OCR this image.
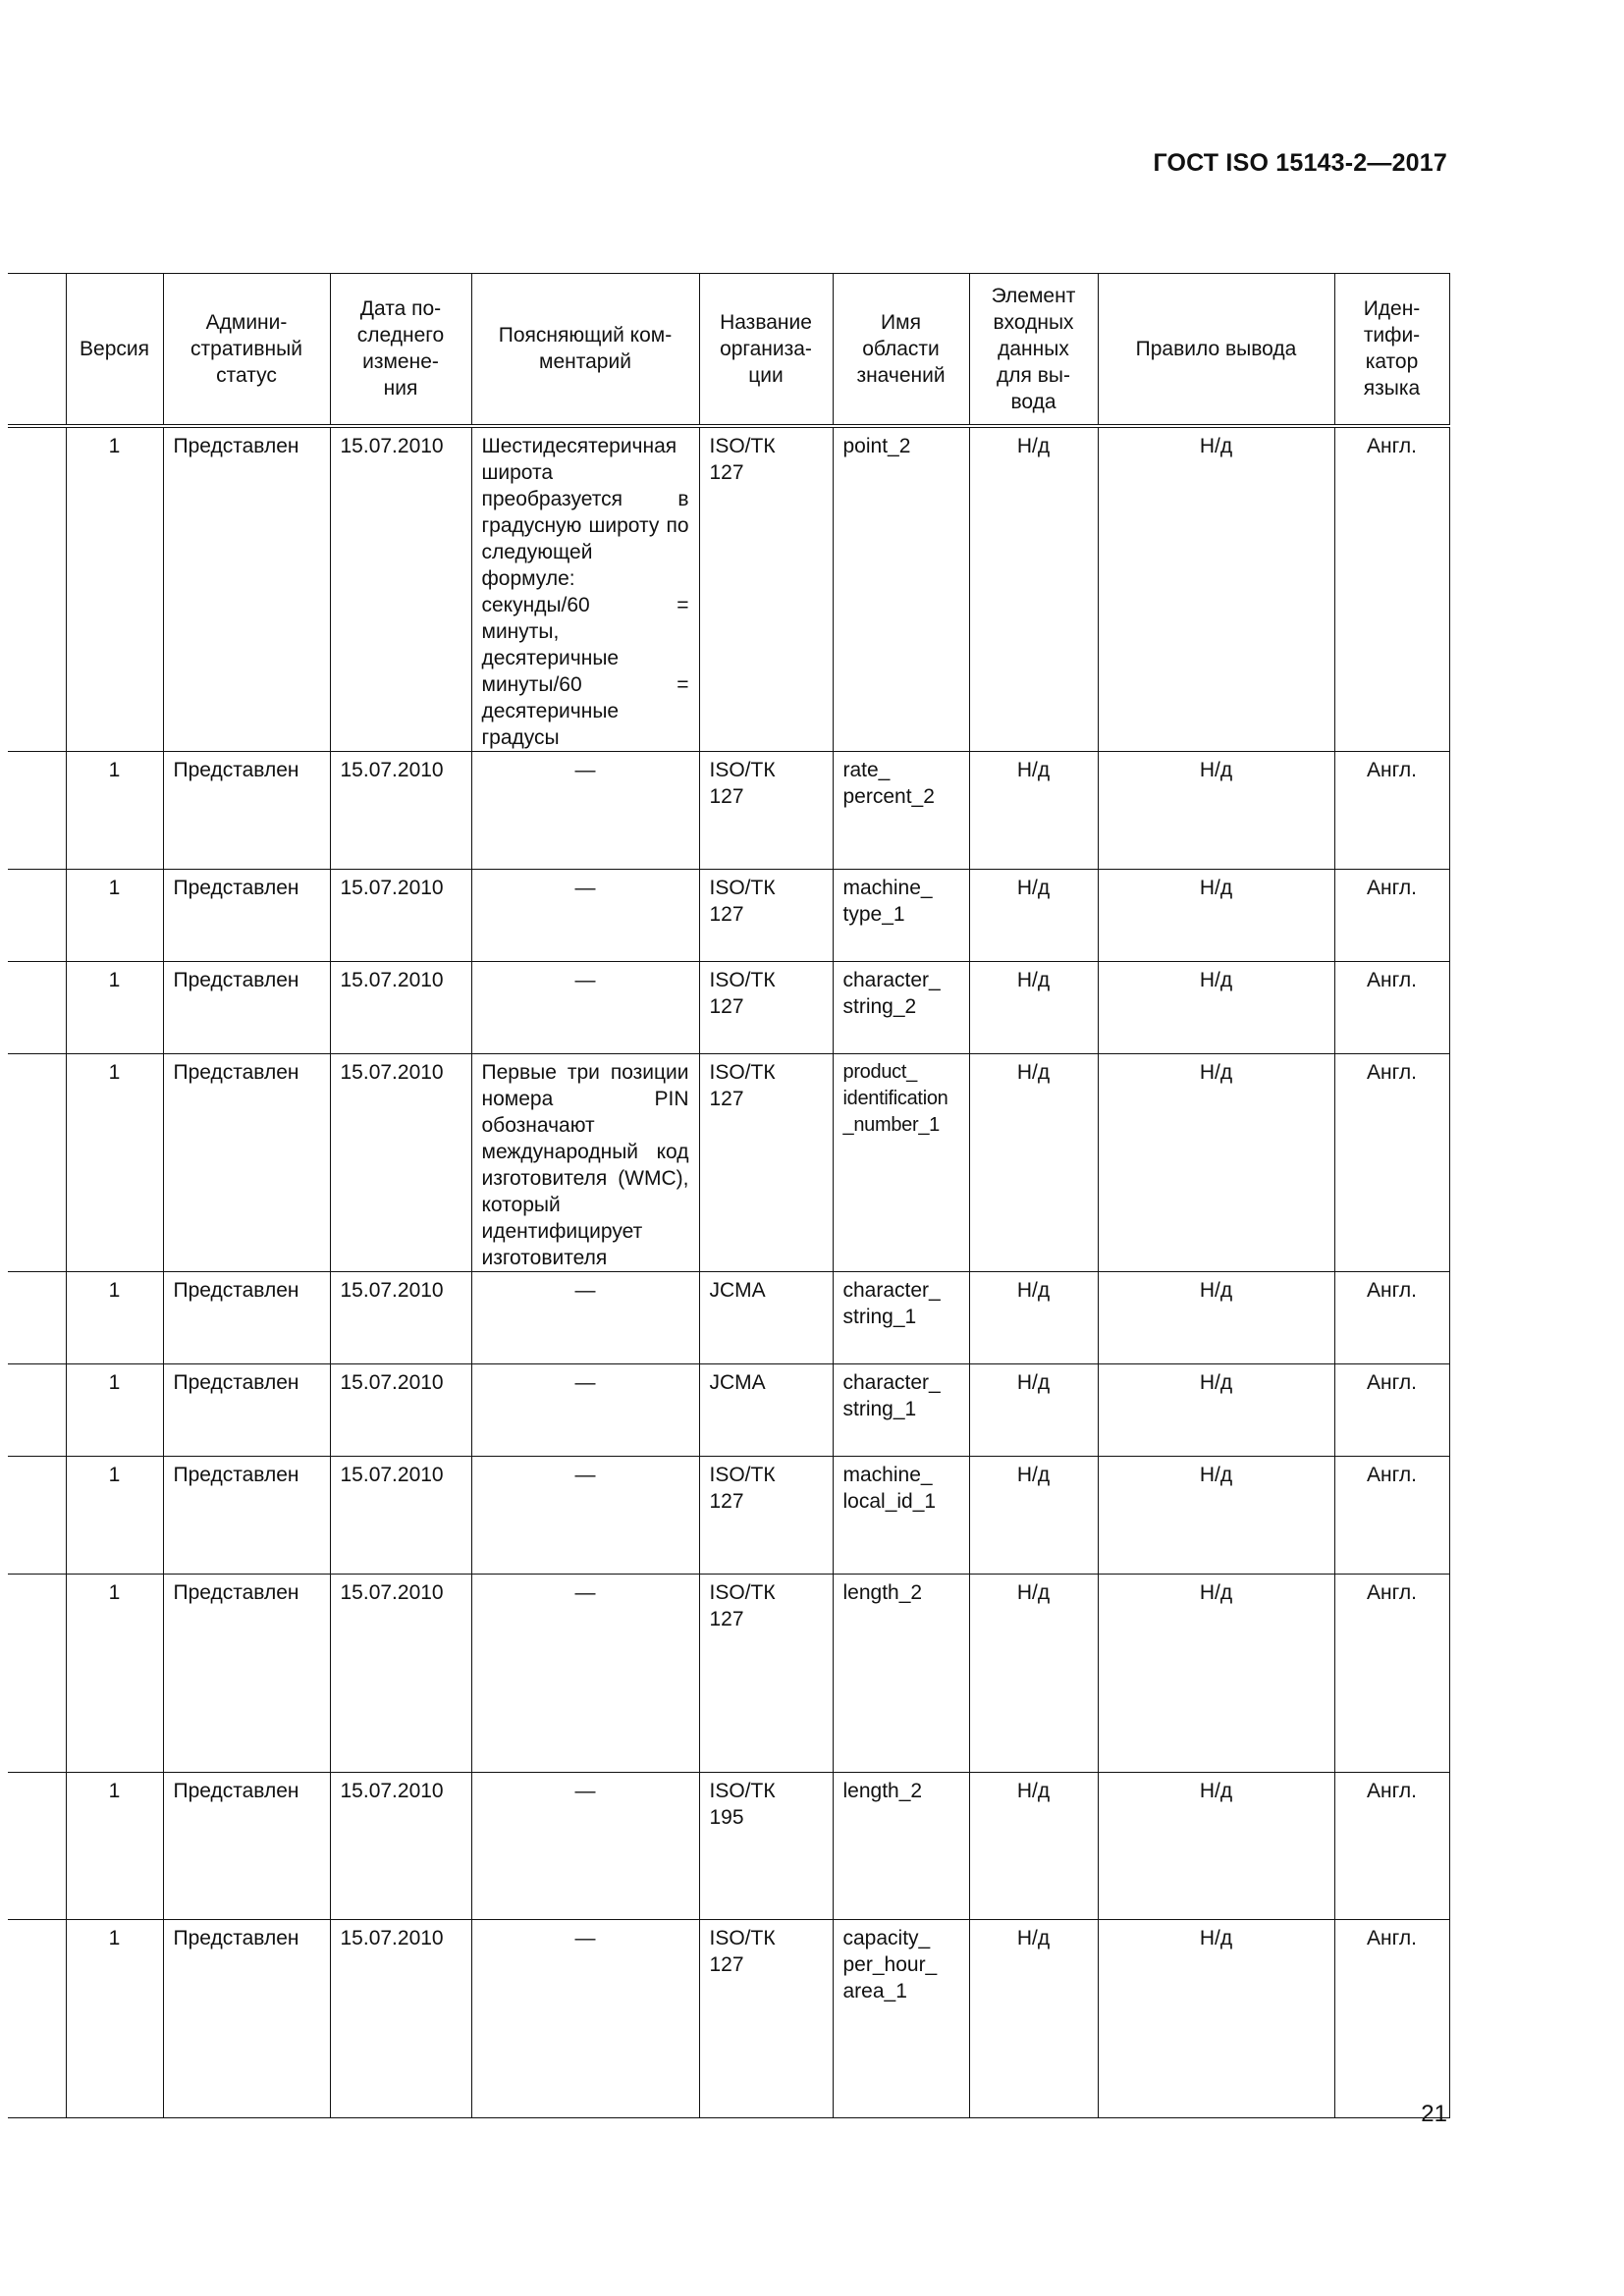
ГОСТ ISO 15143-2—2017
	Версия	Админи-
стративный
статус	Дата по-
следнего
измене-
ния	Поясняющий ком-
ментарий	Название
организа-
ции	Имя
области
значений	Элемент
входных
данных
для вы-
вода	Правило вывода	Иден-
тифи-
катор
языка
	1	Представлен	15.07.2010	Шестидесятеричная широта преобразуется в градусную широту по следующей формуле: секунды/60 = минуты, десятеричные минуты/60 = десятеричные градусы	ISO/ТК
127	point_2	Н/д	Н/д	Англ.
	1	Представлен	15.07.2010	—	ISO/ТК
127	rate_
percent_2	Н/д	Н/д	Англ.
	1	Представлен	15.07.2010	—	ISO/ТК
127	machine_
type_1	Н/д	Н/д	Англ.
	1	Представлен	15.07.2010	—	ISO/ТК
127	character_
string_2	Н/д	Н/д	Англ.
	1	Представлен	15.07.2010	Первые три позиции номера PIN обозначают международный код изготовителя (WMC), который идентифицирует изготовителя	ISO/ТК
127	product_
identification
_number_1	Н/д	Н/д	Англ.
	1	Представлен	15.07.2010	—	JCMA	character_
string_1	Н/д	Н/д	Англ.
	1	Представлен	15.07.2010	—	JCMA	character_
string_1	Н/д	Н/д	Англ.
	1	Представлен	15.07.2010	—	ISO/ТК
127	machine_
local_id_1	Н/д	Н/д	Англ.
	1	Представлен	15.07.2010	—	ISO/ТК
127	length_2	Н/д	Н/д	Англ.
	1	Представлен	15.07.2010	—	ISO/ТК
195	length_2	Н/д	Н/д	Англ.
	1	Представлен	15.07.2010	—	ISO/ТК
127	capacity_
per_hour_
area_1	Н/д	Н/д	Англ.
21
